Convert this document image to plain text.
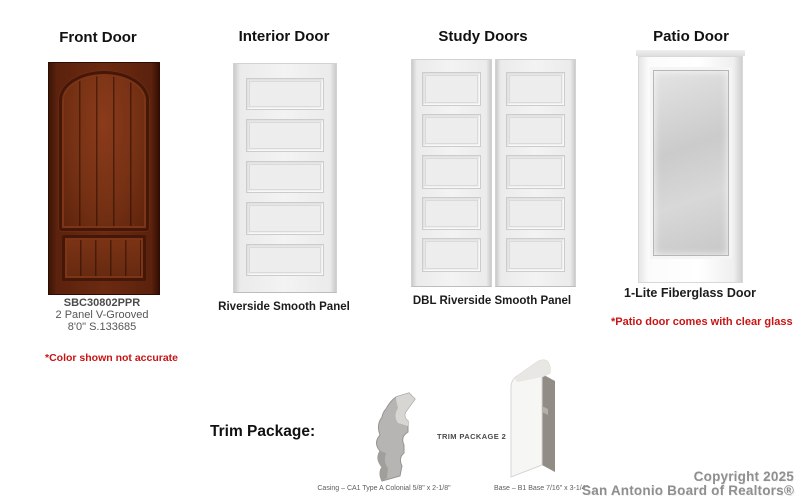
Front Door
SBC30802PPR
2 Panel V-Grooved
8'0" S.133685
*Color shown not accurate
Interior Door
Riverside Smooth Panel
Study Doors
DBL Riverside Smooth Panel
Patio Door
1-Lite Fiberglass Door
*Patio door comes with clear glass
Trim Package:	TRIM PACKAGE 2
Casing – CA1 Type A Colonial 5/8" x 2-1/8"	Base – B1 Base 7/16" x 3-1/4"
Copyright 2025
San Antonio Board of Realtors®
